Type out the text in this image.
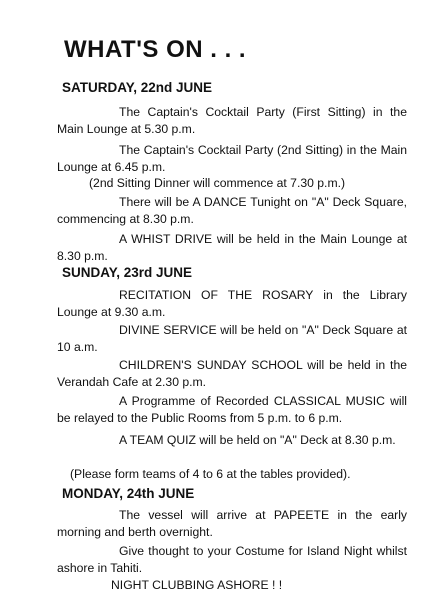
WHAT'S ON . . .
SATURDAY, 22nd JUNE

The Captain's Cocktail Party (First Sitting) in the Main Lounge at 5.30 p.m.

The Captain's Cocktail Party (2nd Sitting) in the Main Lounge at 6.45 p.m.

(2nd Sitting Dinner will commence at 7.30 p.m.)

There will be A DANCE Tunight on "A" Deck Square, commencing at 8.30 p.m.

A WHIST DRIVE will be held in the Main Lounge at 8.30 p.m.

SUNDAY, 23rd JUNE

RECITATION OF THE ROSARY in the Library Lounge at 9.30 a.m.

DIVINE SERVICE will be held on "A" Deck Square at 10 a.m.

CHILDREN'S SUNDAY SCHOOL will be held in the Verandah Cafe at 2.30 p.m.

A Programme of Recorded CLASSICAL MUSIC will be relayed to the Public Rooms from 5 p.m. to 6 p.m.

A TEAM QUIZ will be held on "A" Deck at 8.30 p.m.

(Please form teams of 4 to 6 at the tables provided).

MONDAY, 24th JUNE

The vessel will arrive at PAPEETE in the early morning and berth overnight.

Give thought to your Costume for Island Night whilst ashore in Tahiti.

NIGHT CLUBBING ASHORE ! !
